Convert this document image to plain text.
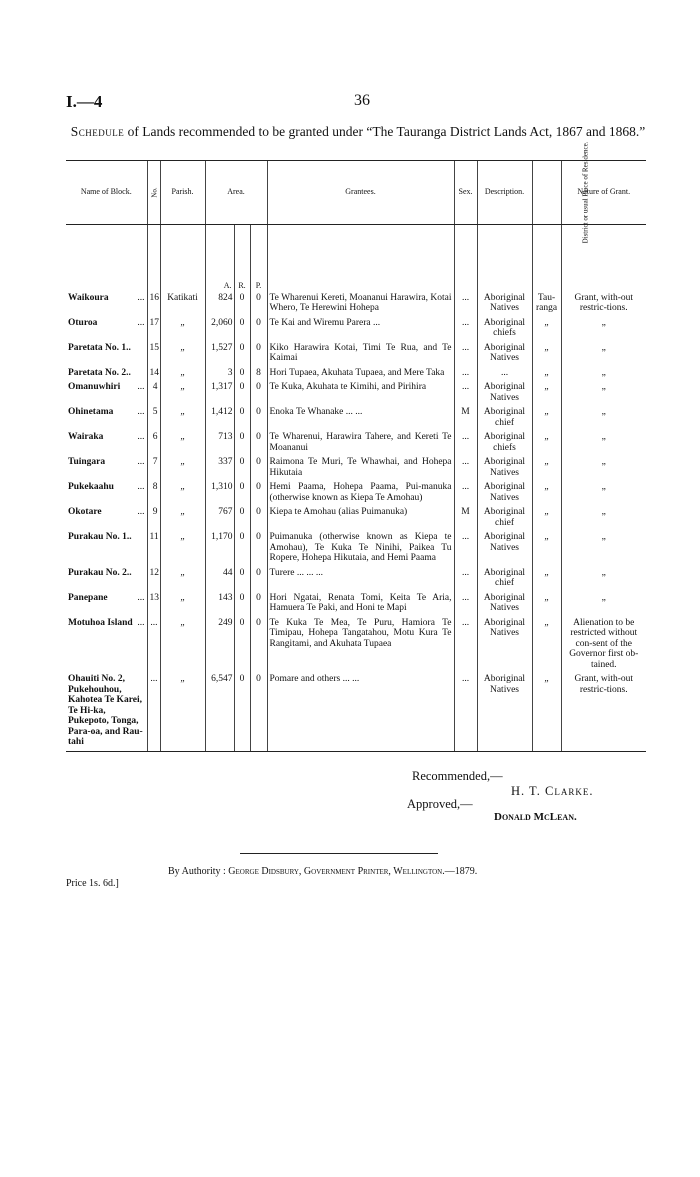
I.—4	36
Schedule of Lands recommended to be granted under “The Tauranga District Lands Act, 1867 and 1868.”
Name of Block.	No.	Parish.	Area.			Grantees.	Sex.	Description.	District or usual Place of Residence.	Nature of Grant.
			A.	R.	P.					
Waikoura ...	16	Katikati	824	0	0	Te Wharenui Kereti, Moananui Harawira, Kotai Whero, Te Herewini Hohepa	...	Aboriginal Natives	Tau-ranga	Grant, with-out restric-tions.
Oturoa ...	17	„	2,060	0	0	Te Kai and Wiremu Parera ...	...	Aboriginal chiefs	„	„
Paretata No. 1..	15	„	1,527	0	0	Kiko Harawira Kotai, Timi Te Rua, and Te Kaimai	...	Aboriginal Natives	„	„
Paretata No. 2..	14	„	3	0	8	Hori Tupaea, Akuhata Tupaea, and Mere Taka	...	...	„	„
Omanuwhiri ...	4	„	1,317	0	0	Te Kuka, Akuhata te Kimihi, and Pirihira	...	Aboriginal Natives	„	„
Ohinetama ...	5	„	1,412	0	0	Enoka Te Whanake ... ...	M	Aboriginal chief	„	„
Wairaka ...	6	„	713	0	0	Te Wharenui, Harawira Tahere, and Kereti Te Moananui	...	Aboriginal chiefs	„	„
Tuingara ...	7	„	337	0	0	Raimona Te Muri, Te Whawhai, and Hohepa Hikutaia	...	Aboriginal Natives	„	„
Pukekaahu ...	8	„	1,310	0	0	Hemi Paama, Hohepa Paama, Pui-manuka (otherwise known as Kiepa Te Amohau)	...	Aboriginal Natives	„	„
Okotare ...	9	„	767	0	0	Kiepa te Amohau (alias Puimanuka)	M	Aboriginal chief	„	„
Purakau No. 1..	11	„	1,170	0	0	Puimanuka (otherwise known as Kiepa te Amohau), Te Kuka Te Ninihi, Paikea Tu Ropere, Hohepa Hikutaia, and Hemi Paama	...	Aboriginal Natives	„	„
Purakau No. 2..	12	„	44	0	0	Turere ... ... ...	...	Aboriginal chief	„	„
Panepane ...	13	„	143	0	0	Hori Ngatai, Renata Tomi, Keita Te Aria, Hamuera Te Paki, and Honi te Mapi	...	Aboriginal Natives	„	„
Motuhoa Island ...	...	„	249	0	0	Te Kuka Te Mea, Te Puru, Hamiora Te Timipau, Hohepa Tangatahou, Motu Kura Te Rangitami, and Akuhata Tupaea	...	Aboriginal Natives	„	Alienation to be restricted without con-sent of the Governor first ob-tained.
Ohauiti No. 2, Pukehouhou, Kahotea Te Karei, Te Hi-ka, Pukepoto, Tonga, Para-oa, and Rau-tahi	...	„	6,547	0	0	Pomare and others ... ...	...	Aboriginal Natives	„	Grant, with-out restric-tions.
Recommended,—
H. T. Clarke.
Approved,—
Donald McLean.
By Authority : George Didsbury, Government Printer, Wellington.—1879.
Price 1s. 6d.]
